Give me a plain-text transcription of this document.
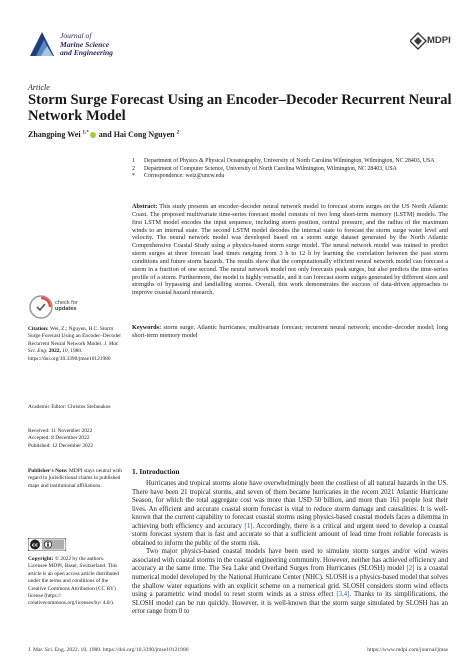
Journal of
Marine Science
and Engineering
MDPI
Article
Storm Surge Forecast Using an Encoder–Decoder Recurrent Neural Network Model
Zhangping Wei $^{1,*}$ and Hai Cong Nguyen $^2$
1 Department of Physics & Physical Oceanography, University of North Carolina Wilmington, Wilmington, NC 28403, USA
2 Department of Computer Science, University of North Carolina Wilmington, Wilmington, NC 28403, USA
* Correspondence: weiz@uncw.edu
Abstract: This study presents an encoder–decoder neural network model to forecast storm surges on the US North Atlantic Coast. The proposed multivariate time-series forecast model consists of two long short-term memory (LSTM) models. The first LSTM model encodes the input sequence, including storm position, central pressure, and the radius of the maximum winds to an internal state. The second LSTM model decodes the internal state to forecast the storm surge water level and velocity. The neural network model was developed based on a storm surge dataset generated by the North Atlantic Comprehensive Coastal Study using a physics-based storm surge model. The neural network model was trained to predict storm surges at three forecast lead times ranging from 3 h to 12 h by learning the correlation between the past storm conditions and future storm hazards. The results show that the computationally efficient neural network model can forecast a storm in a fraction of one second. The neural network model not only forecasts peak surges, but also predicts the time-series profile of a storm. Furthermore, the model is highly versatile, and it can forecast storm surges generated by different sizes and strengths of bypassing and landfalling storms. Overall, this work demonstrates the success of data-driven approaches to improve coastal hazard research.
Keywords: storm surge; Atlantic hurricanes; multivariate forecast; recurrent neural network; encoder–decoder model; long short-term memory model
check for
updates
Citation: Wei, Z.; Nguyen, H.C. Storm Surge Forecast Using an Encoder–Decoder Recurrent Neural Network Model. J. Mar. Sci. Eng. 2022, 10, 1980. https://doi.org/10.3390/jmse10121980
Academic Editor: Christos Stefanakos
Received: 11 November 2022
Accepted: 8 December 2022
Published: 12 December 2022
Publisher's Note: MDPI stays neutral with regard to jurisdictional claims in published maps and institutional affiliations.
cc
Copyright: © 2022 by the authors. Licensee MDPI, Basel, Switzerland. This article is an open access article distributed under the terms and conditions of the Creative Commons Attribution (CC BY) license (https:// creativecommons.org/licenses/by/ 4.0/).
1. Introduction

Hurricanes and tropical storms alone have overwhelmingly been the costliest of all natural hazards in the US. There have been 21 tropical storms, and seven of them became hurricanes in the recent 2021 Atlantic Hurricane Season, for which the total aggregate cost was more than USD 50 billion, and more than 161 people lost their lives. An efficient and accurate coastal storm forecast is vital to reduce storm damage and causalities. It is well-known that the current capability to forecast coastal storms using physics-based coastal models faces a dilemma in achieving both efficiency and accuracy [1]. Accordingly, there is a critical and urgent need to develop a coastal storm forecast system that is fast and accurate so that a sufficient amount of lead time from reliable forecasts is obtained to inform the public of the storm risk.

Two major physics-based coastal models have been used to simulate storm surges and/or wind waves associated with coastal storms in the coastal engineering community. However, neither has achieved efficiency and accuracy at the same time. The Sea Lake and Overland Surges from Hurricanes (SLOSH) model [2] is a coastal numerical model developed by the National Hurricane Center (NHC). SLOSH is a physics-based model that solves the shallow water equations with an explicit scheme on a numerical grid. SLOSH considers storm wind effects using a parametric wind model to reset storm winds as a stress effect [3,4]. Thanks to its simplifications, the SLOSH model can be run quickly. However, it is well-known that the storm surge simulated by SLOSH has an error range from 0 to

J. Mar. Sci. Eng. 2022, 10, 1980. https://doi.org/10.3390/jmse10121980	https://www.mdpi.com/journal/jmse
